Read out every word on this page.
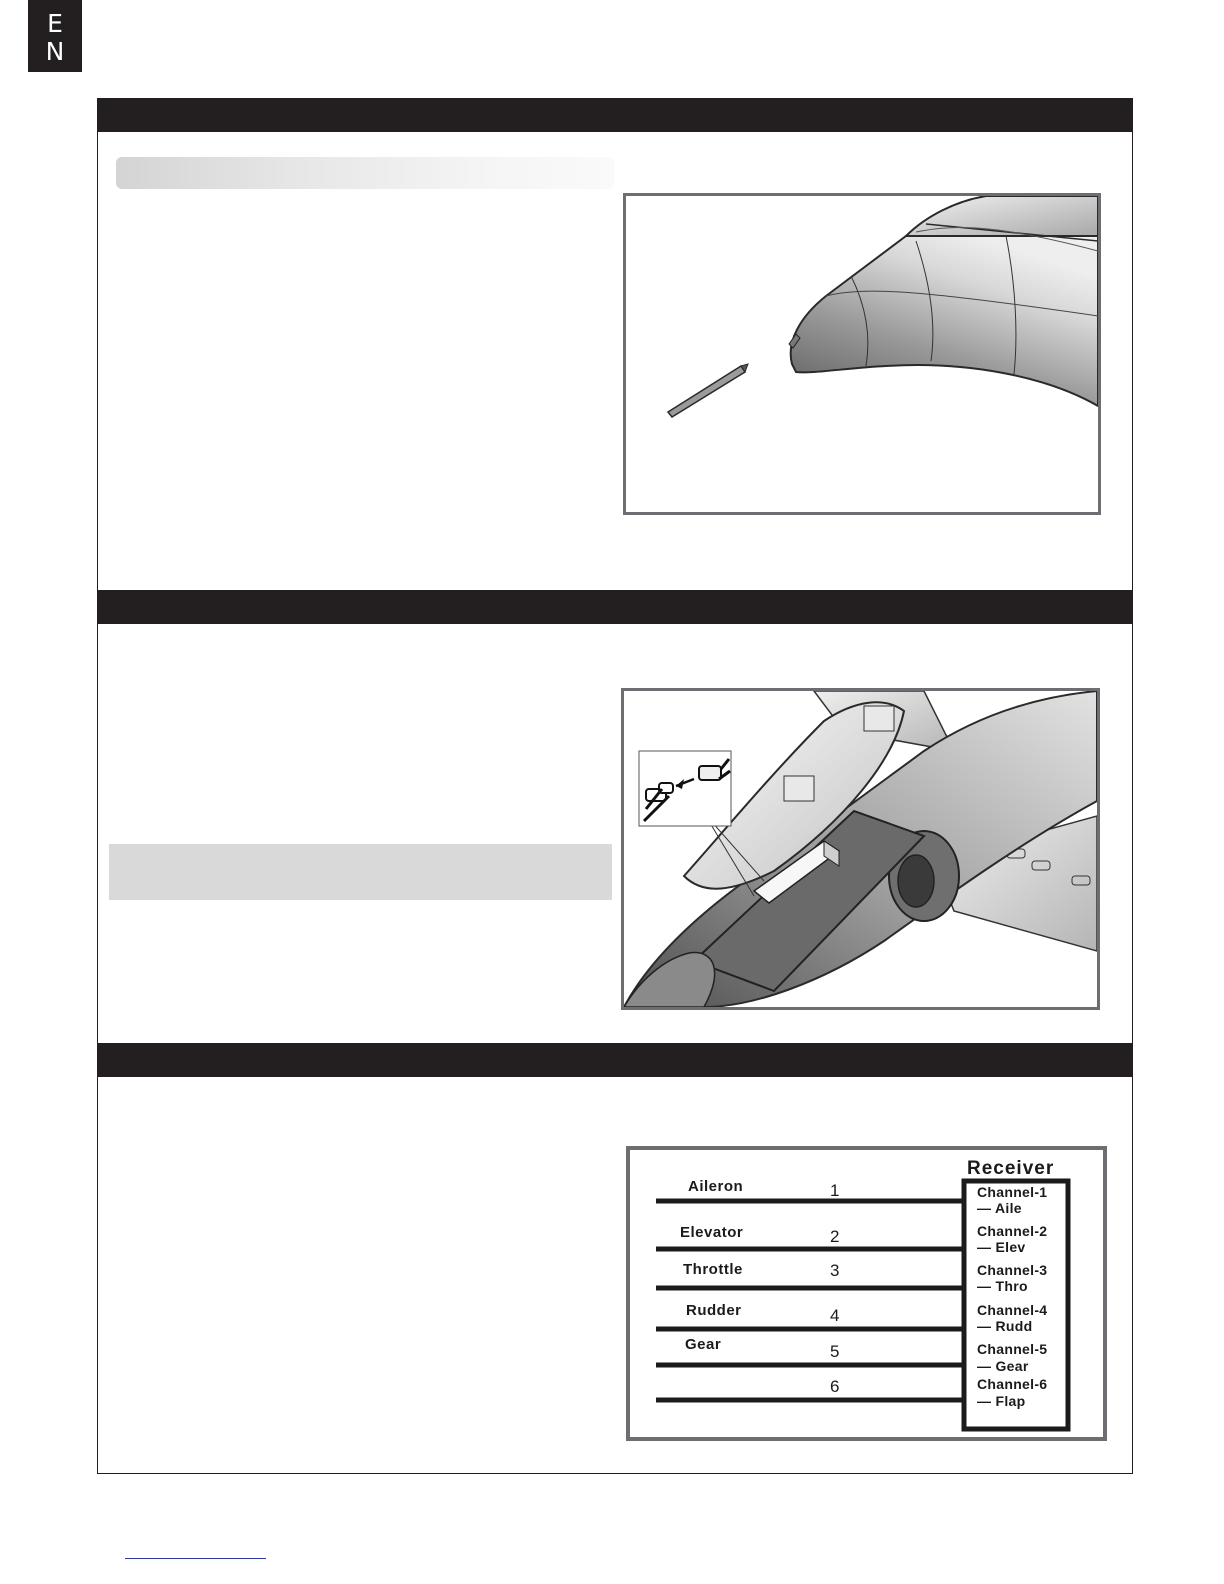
E
N
Receiver
Aileron	1	Channel-1
— Aile
Elevator	2	Channel-2
— Elev
Throttle	3	Channel-3
— Thro
Rudder	4	Channel-4
— Rudd
Gear	5	Channel-5
— Gear
6	Channel-6
— Flap
